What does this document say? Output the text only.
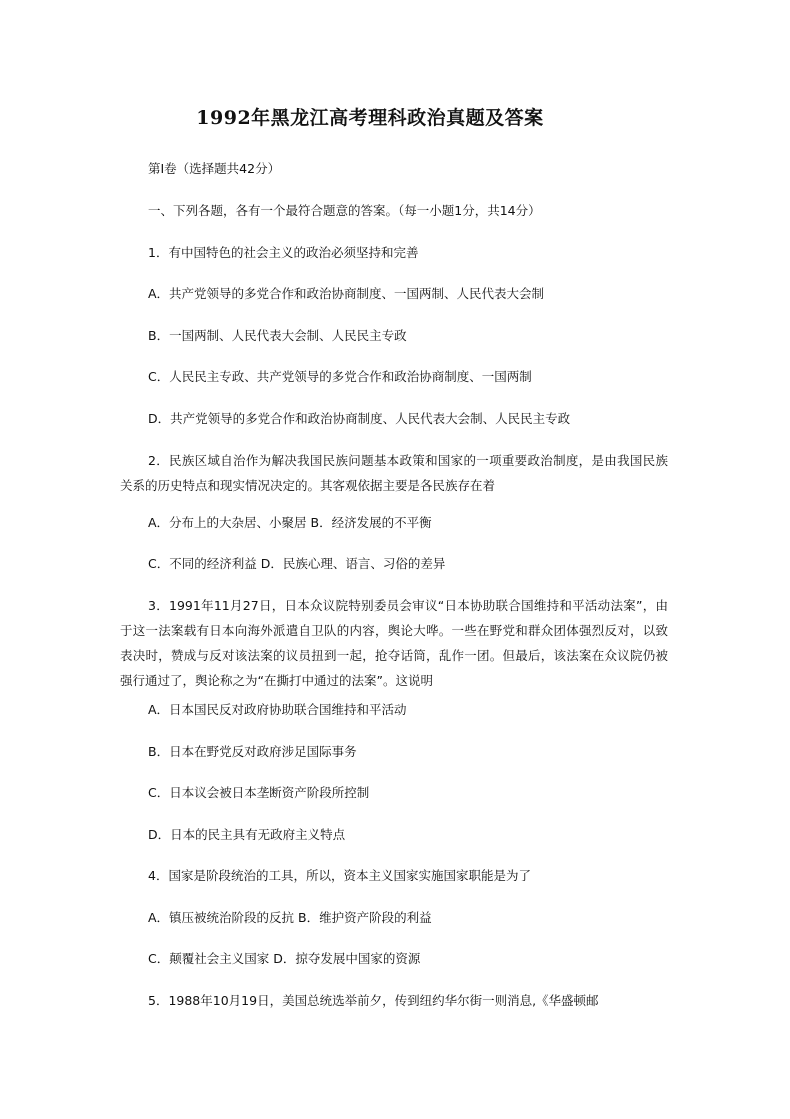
1992年黑龙江高考理科政治真题及答案
第Ⅰ卷（选择题共42分）
一、下列各题，各有一个最符合题意的答案。（每一小题1分，共14分）
1．有中国特色的社会主义的政治必须坚持和完善
A．共产党领导的多党合作和政治协商制度、一国两制、人民代表大会制
B．一国两制、人民代表大会制、人民民主专政
C．人民民主专政、共产党领导的多党合作和政治协商制度、一国两制
D．共产党领导的多党合作和政治协商制度、人民代表大会制、人民民主专政
2．民族区域自治作为解决我国民族问题基本政策和国家的一项重要政治制度，是由我国民族关系的历史特点和现实情况决定的。其客观依据主要是各民族存在着
A．分布上的大杂居、小聚居 B．经济发展的不平衡
C．不同的经济利益 D．民族心理、语言、习俗的差异
3．1991年11月27日，日本众议院特别委员会审议“日本协助联合国维持和平活动法案”，由于这一法案载有日本向海外派遣自卫队的内容，舆论大哗。一些在野党和群众团体强烈反对，以致表决时，赞成与反对该法案的议员扭到一起，抢夺话筒，乱作一团。但最后，该法案在众议院仍被强行通过了，舆论称之为“在撕打中通过的法案”。这说明
A．日本国民反对政府协助联合国维持和平活动
B．日本在野党反对政府涉足国际事务
C．日本议会被日本垄断资产阶段所控制
D．日本的民主具有无政府主义特点
4．国家是阶段统治的工具，所以，资本主义国家实施国家职能是为了
A．镇压被统治阶段的反抗 B．维护资产阶段的利益
C．颠覆社会主义国家 D．掠夺发展中国家的资源
5．1988年10月19日，美国总统选举前夕，传到纽约华尔街一则消息,《华盛顿邮
